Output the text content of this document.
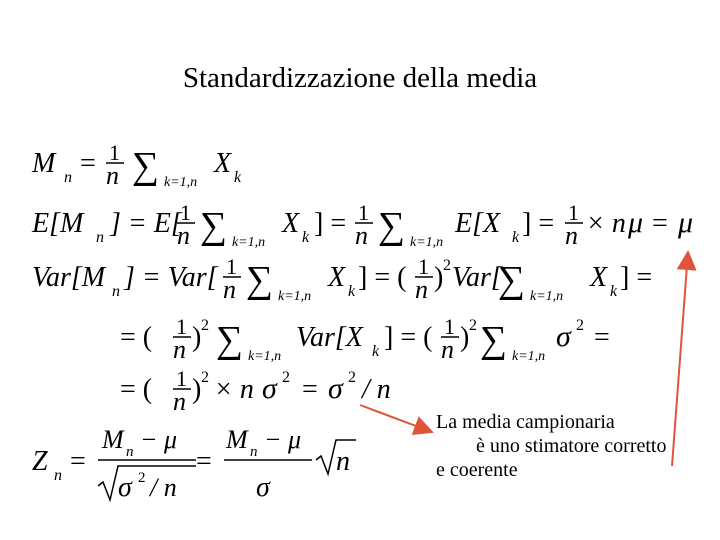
Standardizzazione della media
M n = 1
n ∑ k=1,n
X k
E[M n ] = E[
1
n ∑ k=1,n
X k ] = 1
n ∑ k=1,n
E[X k ] = 1
n × n μ = μ
Var[M n ] = Var[ 1
n ∑ k=1,n
X k ] = ( 1
n ) 2 Var[
∑ k=1,n
X k ] =
= ( 1
n ) 2 ∑ k=1,n
Var[X k ] = ( 1
n ) 2 ∑ k=1,n
σ 2 =
= ( 1
n ) 2 × n σ 2 = σ 2 / n
Z n =
M n − μ
σ 2 / n
=
M n − μ
σ
n
La media campionaria
è uno stimatore corretto
e coerente
